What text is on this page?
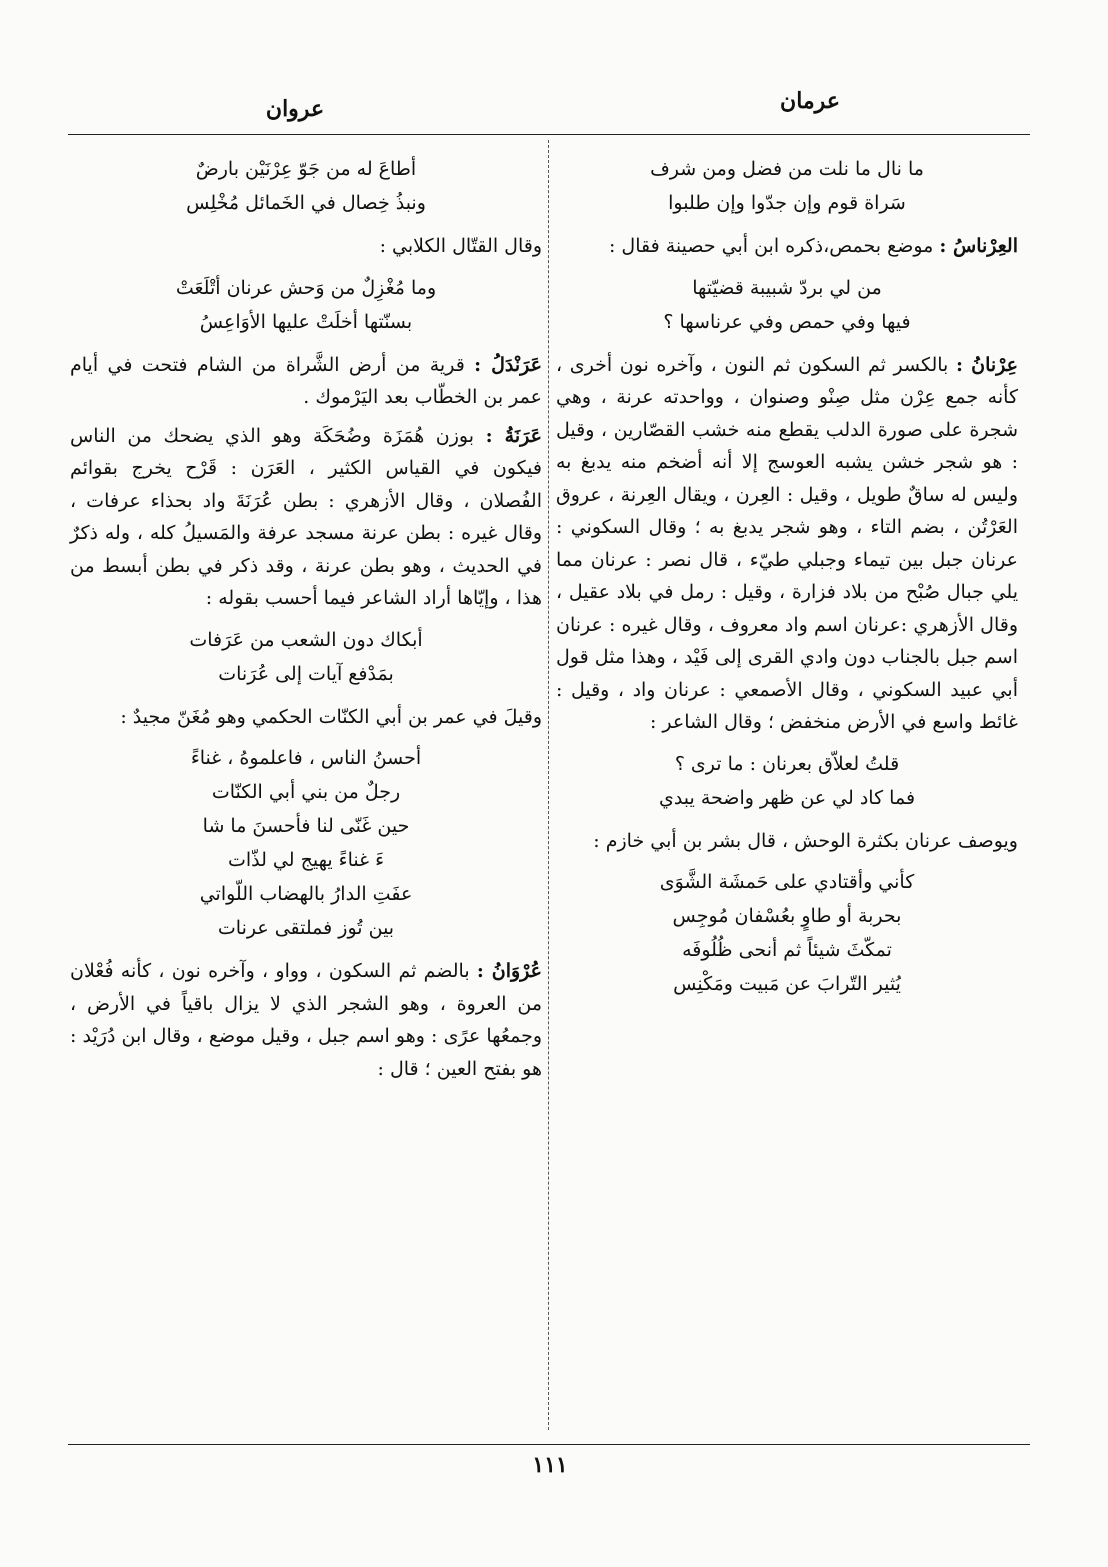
عرمان
عروان
ما نال ما نلت من فضل ومن شرف
سَراة قوم وإن جدّوا وإن طلبوا
العِرْناسُ : موضع بحمص،ذكره ابن أبي حصينة فقال :
من لي بردّ شبيبة قضيّتها
فيها وفي حمص وفي عرناسها ؟
عِرْنانُ : بالكسر ثم السكون ثم النون ، وآخره نون أخرى ، كأنه جمع عِرْن مثل صِنْو وصنوان ، وواحدته عرنة ، وهي شجرة على صورة الدلب يقطع منه خشب القصّارين ، وقيل : هو شجر خشن يشبه العوسج إلا أنه أضخم منه يدبغ به وليس له ساقٌ طويل ، وقيل : العِرن ، ويقال العِرنة ، عروق العَرْتُن ، بضم التاء ، وهو شجر يدبغ به ؛ وقال السكوني : عرنان جبل بين تيماء وجبلي طيّء ، قال نصر : عرنان مما يلي جبال صُبْح من بلاد فزارة ، وقيل : رمل في بلاد عقيل ، وقال الأزهري :عرنان اسم واد معروف ، وقال غيره : عرنان اسم جبل بالجناب دون وادي القرى إلى فَيْد ، وهذا مثل قول أبي عبيد السكوني ، وقال الأصمعي : عرنان واد ، وقيل : غائط واسع في الأرض منخفض ؛ وقال الشاعر :
قلتُ لعلاّق بعرنان : ما ترى ؟
فما كاد لي عن ظهر واضحة يبدي
ويوصف عرنان بكثرة الوحش ، قال بشر بن أبي خازم :
كأني وأقتادي على حَمشَة الشَّوَى
بحربة أو طاوٍ بعُسْفان مُوجِس
تمكّثَ شيئاً ثم أنحى ظُلُوفَه
يُثير التّرابَ عن مَبيت ومَكْنِس
أطاعَ له من جَوّ عِرْنَيْن بارضٌ
ونبذُ خِصال في الخَمائل مُخْلِس
وقال القتّال الكلابي :
وما مُغْزِلٌ من وَحش عرنان أتْلَعَتْ
بسنّتها أخلَتْ عليها الأوَاعِسُ
عَرَنْدَلُ : قرية من أرض الشَّراة من الشام فتحت في أيام عمر بن الخطّاب بعد اليَرْموك .
عَرَنَةُ : بوزن هُمَزَة وضُحَكَة وهو الذي يضحك من الناس فيكون في القياس الكثير ، العَرَن : قَرْح يخرج بقوائم الفُصلان ، وقال الأزهري : بطن عُرَنَةَ واد بحذاء عرفات ، وقال غيره : بطن عرنة مسجد عرفة والمَسيلُ كله ، وله ذكرٌ في الحديث ، وهو بطن عرنة ، وقد ذكر في بطن أبسط من هذا ، وإيّاها أراد الشاعر فيما أحسب بقوله :
أبكاك دون الشعب من عَرَفات
بمَدْفع آيات إلى عُرَنات
وقيلَ في عمر بن أبي الكنّات الحكمي وهو مُغَنّ مجيدٌ :
أحسنُ الناس ، فاعلموهُ ، غناءً
رجلٌ من بني أبي الكنّات
حين غَنّى لنا فأحسنَ ما شا
ءَ غناءً يهيج لي لذّات
عفَتِ الدارُ بالهضاب اللّواتي
بين تُوز فملتقى عرنات
عُرْوَانُ : بالضم ثم السكون ، وواو ، وآخره نون ، كأنه فُعْلان من العروة ، وهو الشجر الذي لا يزال باقياً في الأرض ، وجمعُها عرًى : وهو اسم جبل ، وقيل موضع ، وقال ابن دُرَيْد : هو بفتح العين ؛ قال :
١١١
